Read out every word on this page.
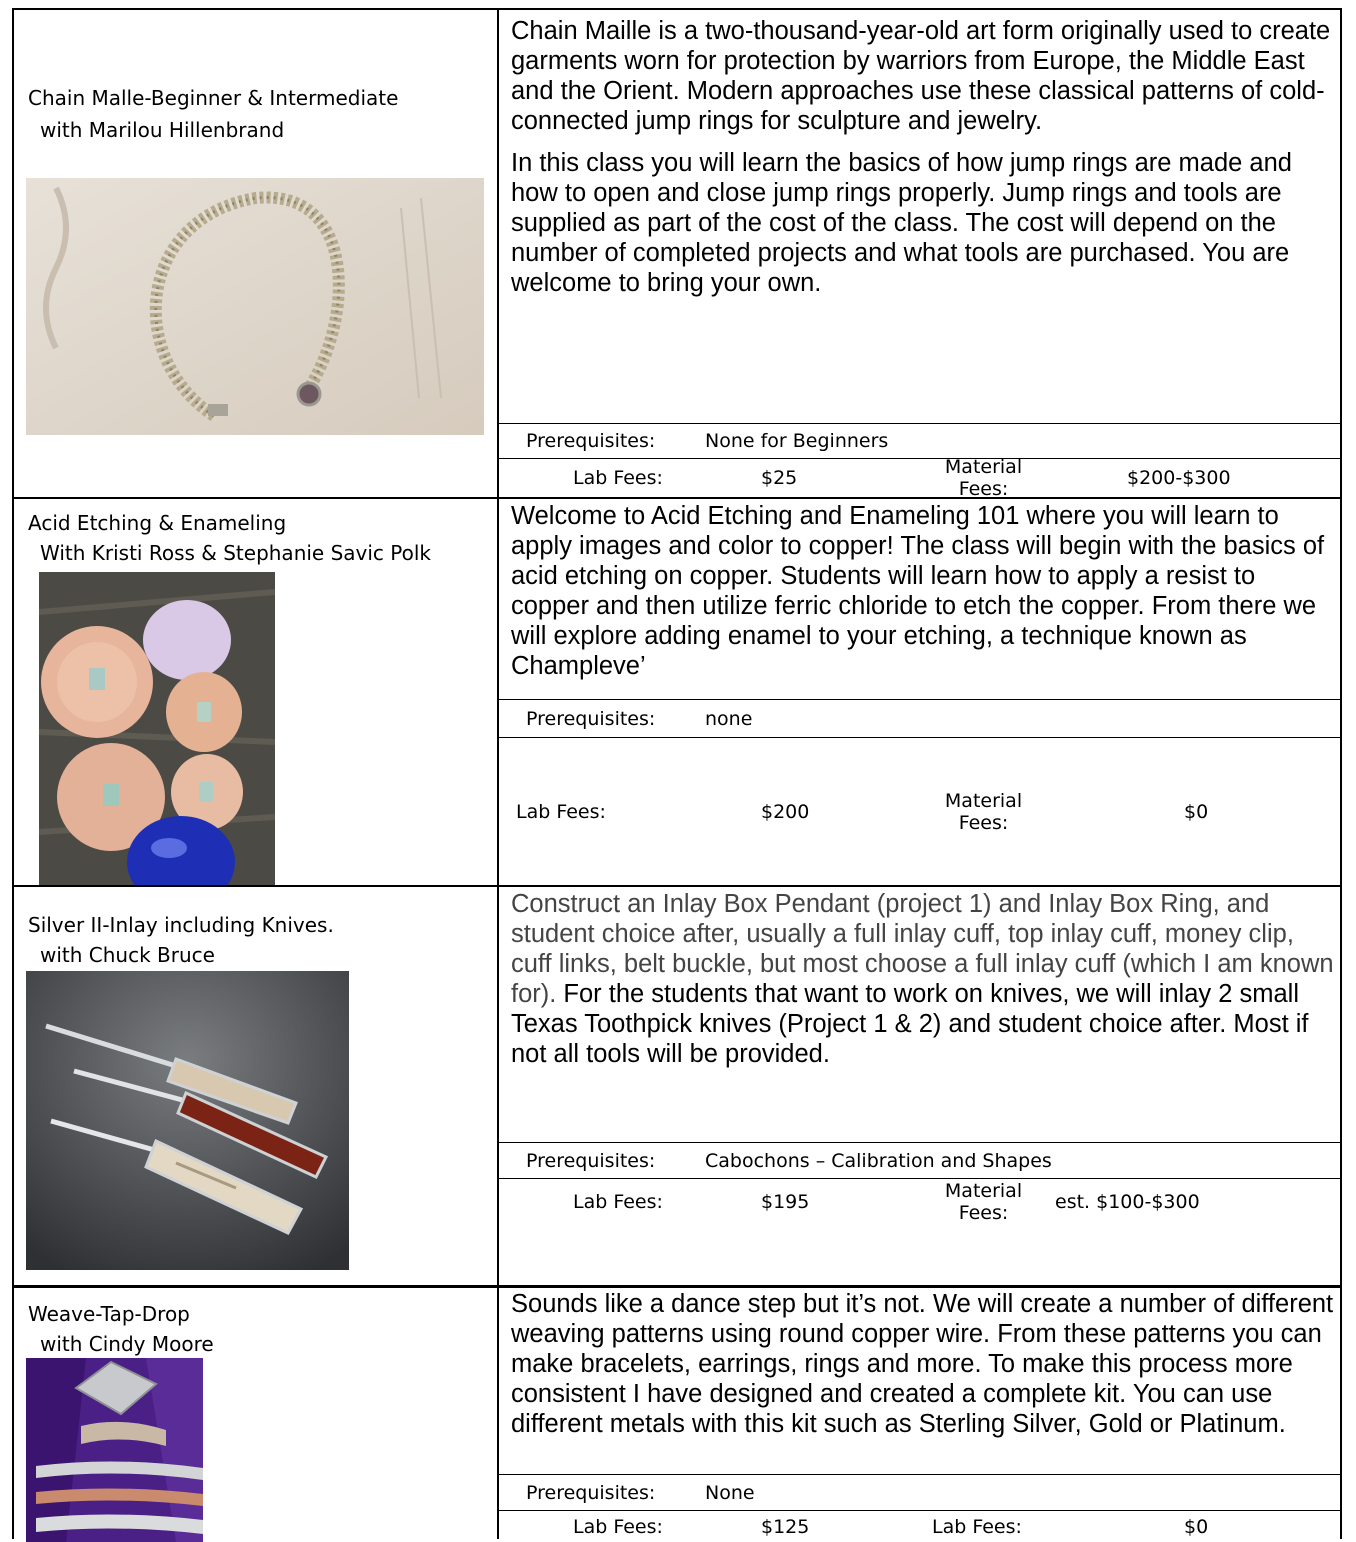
Chain Malle-Beginner & Intermediate
with Marilou Hillenbrand

Chain Maille is a two-thousand-year-old art form originally used to create garments worn for protection by warriors from Europe, the Middle East and the Orient. Modern approaches use these classical patterns of cold-connected jump rings for sculpture and jewelry.

In this class you will learn the basics of how jump rings are made and how to open and close jump rings properly. Jump rings and tools are supplied as part of the cost of the class. The cost will depend on the number of completed projects and what tools are purchased. You are welcome to bring your own.

Prerequisites:	None for Beginners
Lab Fees:	$25	Material
Fees:	$200-$300
Acid Etching & Enameling
With Kristi Ross & Stephanie Savic Polk

Welcome to Acid Etching and Enameling 101 where you will learn to apply images and color to copper! The class will begin with the basics of acid etching on copper. Students will learn how to apply a resist to copper and then utilize ferric chloride to etch the copper. From there we will explore adding enamel to your etching, a technique known as Champleve’

Prerequisites:	none
Lab Fees:	$200	Material
Fees:	$0
Silver II-Inlay including Knives.
with Chuck Bruce

Construct an Inlay Box Pendant (project 1) and Inlay Box Ring, and student choice after, usually a full inlay cuff, top inlay cuff, money clip, cuff links, belt buckle, but most choose a full inlay cuff (which I am known for). For the students that want to work on knives, we will inlay 2 small Texas Toothpick knives (Project 1 & 2) and student choice after. Most if not all tools will be provided.

Prerequisites:	Cabochons – Calibration and Shapes
Lab Fees:	$195	Material
Fees: est. $100-$300
Weave-Tap-Drop
with Cindy Moore

Sounds like a dance step but it’s not. We will create a number of different weaving patterns using round copper wire. From these patterns you can make bracelets, earrings, rings and more. To make this process more consistent I have designed and created a complete kit. You can use different metals with this kit such as Sterling Silver, Gold or Platinum.

Prerequisites:	None
Lab Fees:	$125	Lab Fees:	$0
